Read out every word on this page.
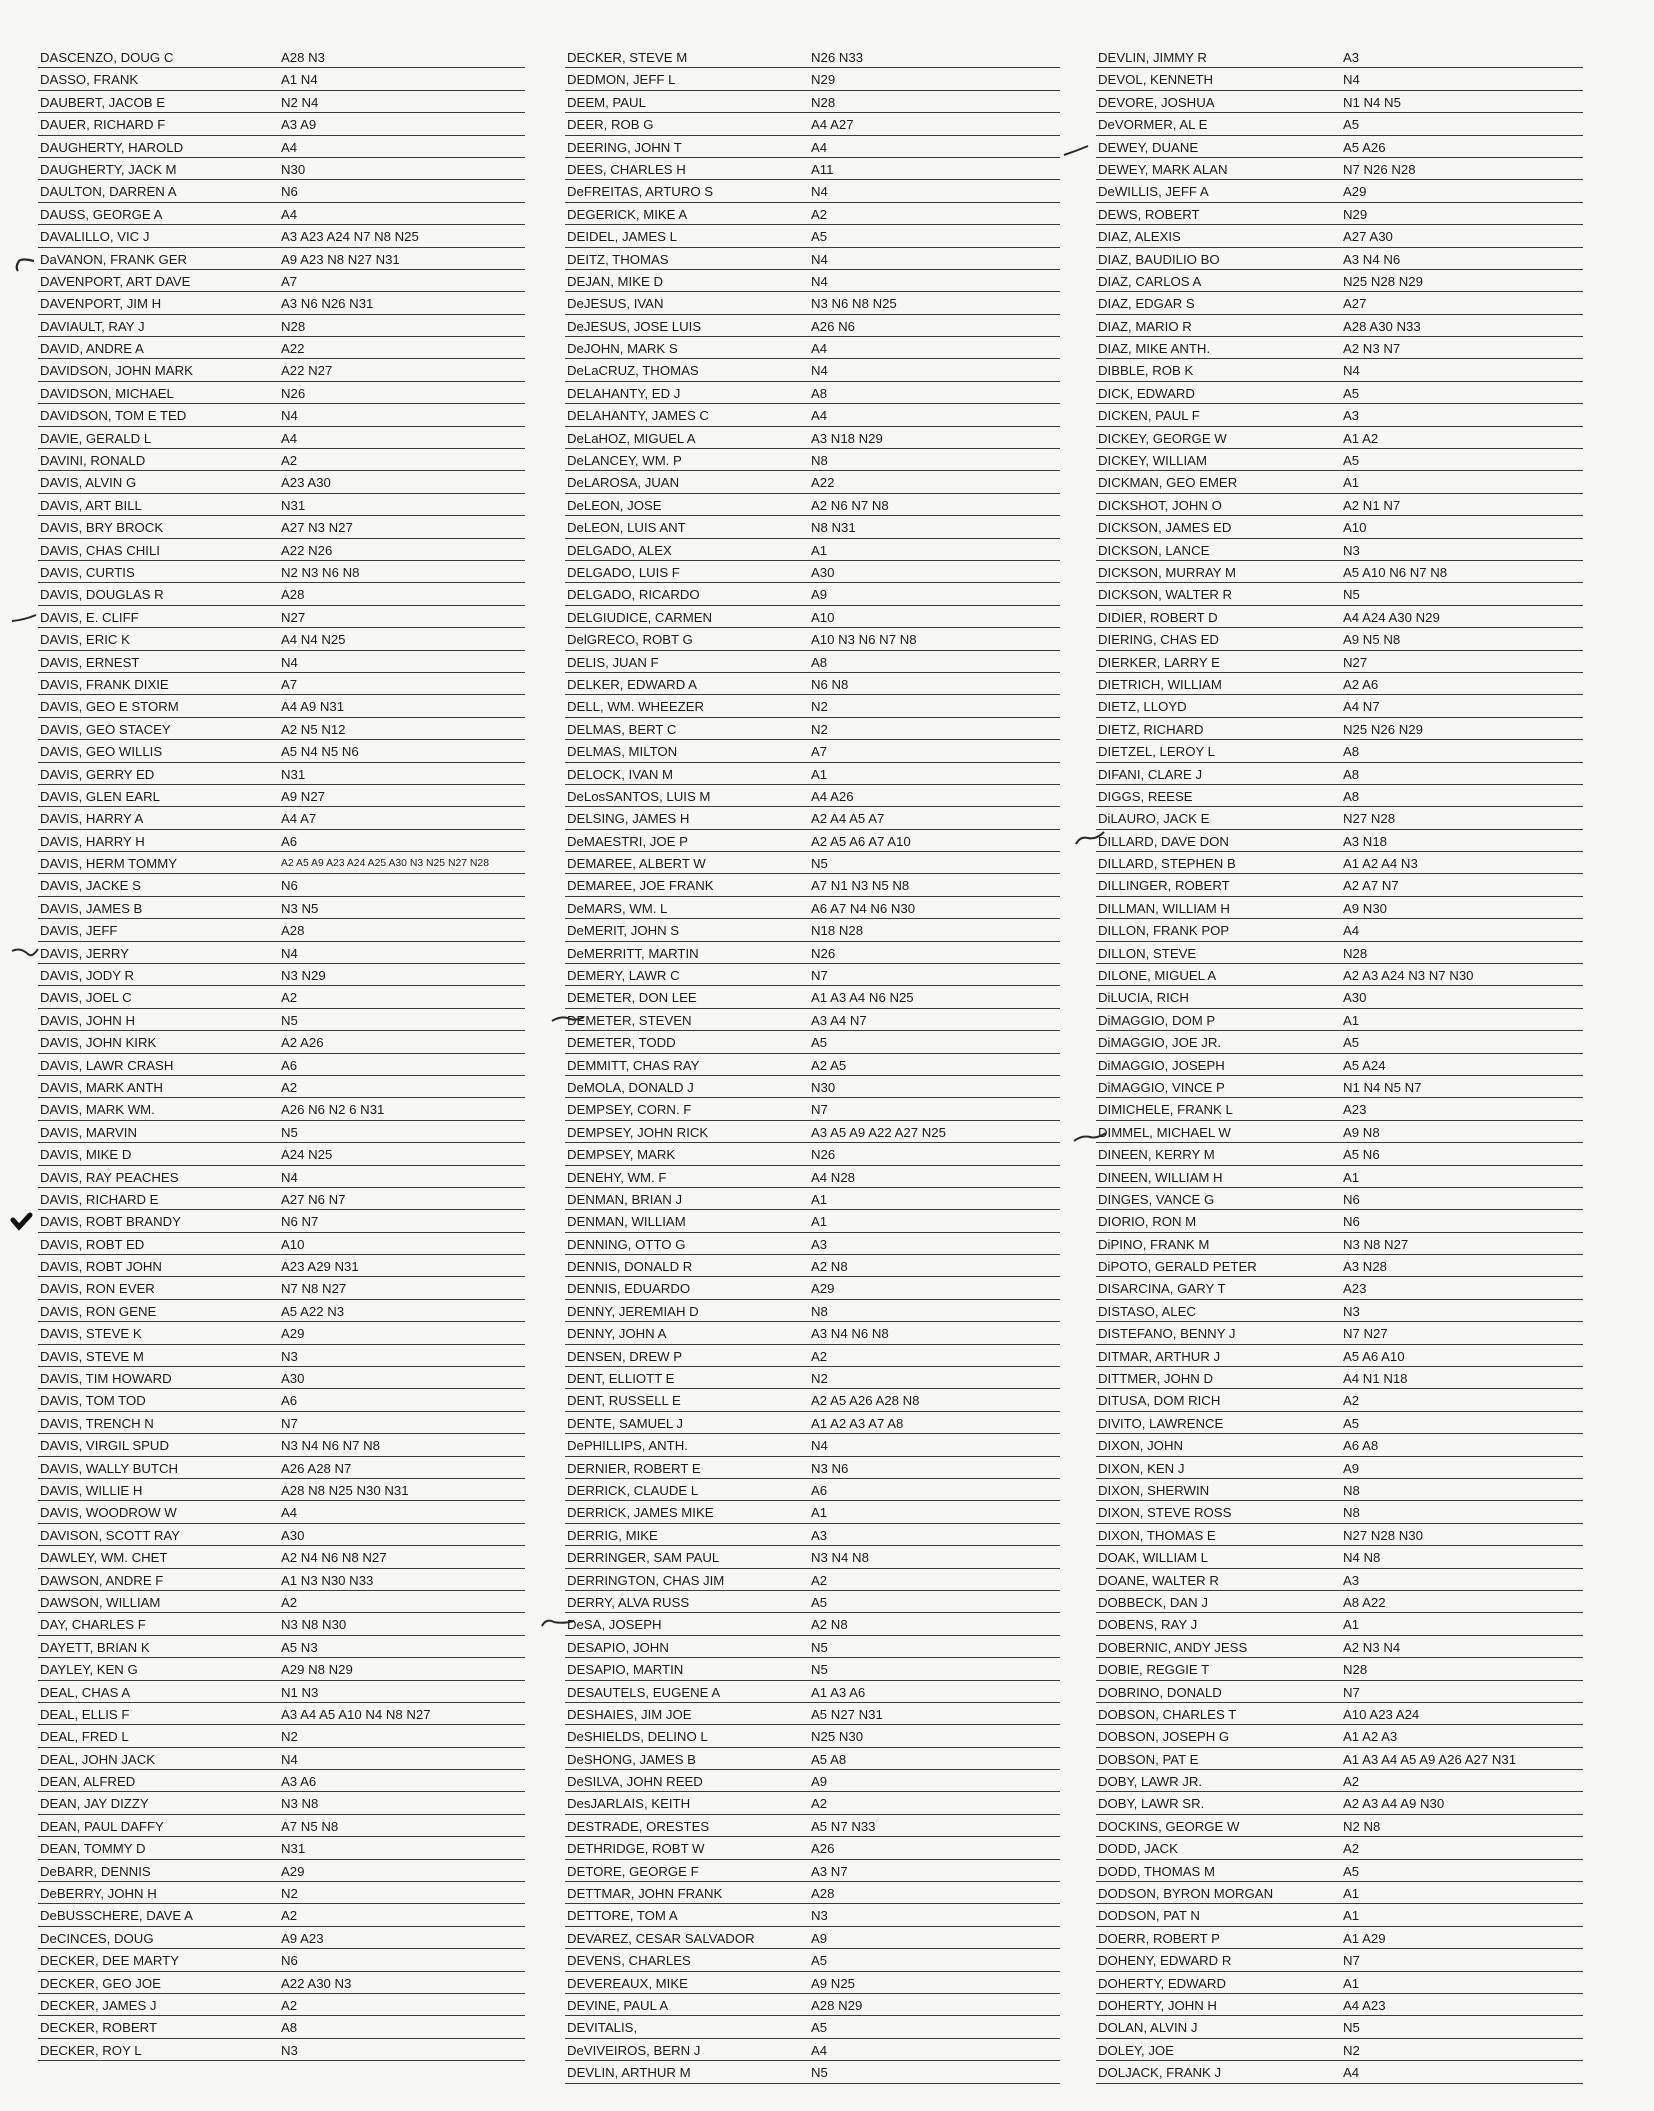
DASCENZO, DOUG C	A28 N3
DASSO, FRANK	A1 N4
DAUBERT, JACOB E	N2 N4
DAUER, RICHARD F	A3 A9
DAUGHERTY, HAROLD	A4
DAUGHERTY, JACK M	N30
DAULTON, DARREN A	N6
DAUSS, GEORGE A	A4
DAVALILLO, VIC J	A3 A23 A24 N7 N8 N25
DaVANON, FRANK GER	A9 A23 N8 N27 N31
DAVENPORT, ART DAVE	A7
DAVENPORT, JIM H	A3 N6 N26 N31
DAVIAULT, RAY J	N28
DAVID, ANDRE A	A22
DAVIDSON, JOHN MARK	A22 N27
DAVIDSON, MICHAEL	N26
DAVIDSON, TOM E TED	N4
DAVIE, GERALD L	A4
DAVINI, RONALD	A2
DAVIS, ALVIN G	A23 A30
DAVIS, ART BILL	N31
DAVIS, BRY BROCK	A27 N3 N27
DAVIS, CHAS CHILI	A22 N26
DAVIS, CURTIS	N2 N3 N6 N8
DAVIS, DOUGLAS R	A28
DAVIS, E. CLIFF	N27
DAVIS, ERIC K	A4 N4 N25
DAVIS, ERNEST	N4
DAVIS, FRANK DIXIE	A7
DAVIS, GEO E STORM	A4 A9 N31
DAVIS, GEO STACEY	A2 N5 N12
DAVIS, GEO WILLIS	A5 N4 N5 N6
DAVIS, GERRY ED	N31
DAVIS, GLEN EARL	A9 N27
DAVIS, HARRY A	A4 A7
DAVIS, HARRY H	A6
DAVIS, HERM TOMMY	A2 A5 A9 A23 A24 A25 A30 N3 N25 N27 N28
DAVIS, JACKE S	N6
DAVIS, JAMES B	N3 N5
DAVIS, JEFF	A28
DAVIS, JERRY	N4
DAVIS, JODY R	N3 N29
DAVIS, JOEL C	A2
DAVIS, JOHN H	N5
DAVIS, JOHN KIRK	A2 A26
DAVIS, LAWR CRASH	A6
DAVIS, MARK ANTH	A2
DAVIS, MARK WM.	A26 N6 N2 6 N31
DAVIS, MARVIN	N5
DAVIS, MIKE D	A24 N25
DAVIS, RAY PEACHES	N4
DAVIS, RICHARD E	A27 N6 N7
DAVIS, ROBT BRANDY	N6 N7
DAVIS, ROBT ED	A10
DAVIS, ROBT JOHN	A23 A29 N31
DAVIS, RON EVER	N7 N8 N27
DAVIS, RON GENE	A5 A22 N3
DAVIS, STEVE K	A29
DAVIS, STEVE M	N3
DAVIS, TIM HOWARD	A30
DAVIS, TOM TOD	A6
DAVIS, TRENCH N	N7
DAVIS, VIRGIL SPUD	N3 N4 N6 N7 N8
DAVIS, WALLY BUTCH	A26 A28 N7
DAVIS, WILLIE H	A28 N8 N25 N30 N31
DAVIS, WOODROW W	A4
DAVISON, SCOTT RAY	A30
DAWLEY, WM. CHET	A2 N4 N6 N8 N27
DAWSON, ANDRE F	A1 N3 N30 N33
DAWSON, WILLIAM	A2
DAY, CHARLES F	N3 N8 N30
DAYETT, BRIAN K	A5 N3
DAYLEY, KEN G	A29 N8 N29
DEAL, CHAS A	N1 N3
DEAL, ELLIS F	A3 A4 A5 A10 N4 N8 N27
DEAL, FRED L	N2
DEAL, JOHN JACK	N4
DEAN, ALFRED	A3 A6
DEAN, JAY DIZZY	N3 N8
DEAN, PAUL DAFFY	A7 N5 N8
DEAN, TOMMY D	N31
DeBARR, DENNIS	A29
DeBERRY, JOHN H	N2
DeBUSSCHERE, DAVE A	A2
DeCINCES, DOUG	A9 A23
DECKER, DEE MARTY	N6
DECKER, GEO JOE	A22 A30 N3
DECKER, JAMES J	A2
DECKER, ROBERT	A8
DECKER, ROY L	N3
DECKER, STEVE M	N26 N33
DEDMON, JEFF L	N29
DEEM, PAUL	N28
DEER, ROB G	A4 A27
DEERING, JOHN T	A4
DEES, CHARLES H	A11
DeFREITAS, ARTURO S	N4
DEGERICK, MIKE A	A2
DEIDEL, JAMES L	A5
DEITZ, THOMAS	N4
DEJAN, MIKE D	N4
DeJESUS, IVAN	N3 N6 N8 N25
DeJESUS, JOSE LUIS	A26 N6
DeJOHN, MARK S	A4
DeLaCRUZ, THOMAS	N4
DELAHANTY, ED J	A8
DELAHANTY, JAMES C	A4
DeLaHOZ, MIGUEL A	A3 N18 N29
DeLANCEY, WM. P	N8
DeLAROSA, JUAN	A22
DeLEON, JOSE	A2 N6 N7 N8
DeLEON, LUIS ANT	N8 N31
DELGADO, ALEX	A1
DELGADO, LUIS F	A30
DELGADO, RICARDO	A9
DELGIUDICE, CARMEN	A10
DelGRECO, ROBT G	A10 N3 N6 N7 N8
DELIS, JUAN F	A8
DELKER, EDWARD A	N6 N8
DELL, WM. WHEEZER	N2
DELMAS, BERT C	N2
DELMAS, MILTON	A7
DELOCK, IVAN M	A1
DeLosSANTOS, LUIS M	A4 A26
DELSING, JAMES H	A2 A4 A5 A7
DeMAESTRI, JOE P	A2 A5 A6 A7 A10
DEMAREE, ALBERT W	N5
DEMAREE, JOE FRANK	A7 N1 N3 N5 N8
DeMARS, WM. L	A6 A7 N4 N6 N30
DeMERIT, JOHN S	N18 N28
DeMERRITT, MARTIN	N26
DEMERY, LAWR C	N7
DEMETER, DON LEE	A1 A3 A4 N6 N25
DEMETER, STEVEN	A3 A4 N7
DEMETER, TODD	A5
DEMMITT, CHAS RAY	A2 A5
DeMOLA, DONALD J	N30
DEMPSEY, CORN. F	N7
DEMPSEY, JOHN RICK	A3 A5 A9 A22 A27 N25
DEMPSEY, MARK	N26
DENEHY, WM. F	A4 N28
DENMAN, BRIAN J	A1
DENMAN, WILLIAM	A1
DENNING, OTTO G	A3
DENNIS, DONALD R	A2 N8
DENNIS, EDUARDO	A29
DENNY, JEREMIAH D	N8
DENNY, JOHN A	A3 N4 N6 N8
DENSEN, DREW P	A2
DENT, ELLIOTT E	N2
DENT, RUSSELL E	A2 A5 A26 A28 N8
DENTE, SAMUEL J	A1 A2 A3 A7 A8
DePHILLIPS, ANTH.	N4
DERNIER, ROBERT E	N3 N6
DERRICK, CLAUDE L	A6
DERRICK, JAMES MIKE	A1
DERRIG, MIKE	A3
DERRINGER, SAM PAUL	N3 N4 N8
DERRINGTON, CHAS JIM	A2
DERRY, ALVA RUSS	A5
DeSA, JOSEPH	A2 N8
DESAPIO, JOHN	N5
DESAPIO, MARTIN	N5
DESAUTELS, EUGENE A	A1 A3 A6
DESHAIES, JIM JOE	A5 N27 N31
DeSHIELDS, DELINO L	N25 N30
DeSHONG, JAMES B	A5 A8
DeSILVA, JOHN REED	A9
DesJARLAIS, KEITH	A2
DESTRADE, ORESTES	A5 N7 N33
DETHRIDGE, ROBT W	A26
DETORE, GEORGE F	A3 N7
DETTMAR, JOHN FRANK	A28
DETTORE, TOM A	N3
DEVAREZ, CESAR SALVADOR	A9
DEVENS, CHARLES	A5
DEVEREAUX, MIKE	A9 N25
DEVINE, PAUL A	A28 N29
DEVITALIS,	A5
DeVIVEIROS, BERN J	A4
DEVLIN, ARTHUR M	N5
DEVLIN, JIMMY R	A3
DEVOL, KENNETH	N4
DEVORE, JOSHUA	N1 N4 N5
DeVORMER, AL E	A5
DEWEY, DUANE	A5 A26
DEWEY, MARK ALAN	N7 N26 N28
DeWILLIS, JEFF A	A29
DEWS, ROBERT	N29
DIAZ, ALEXIS	A27 A30
DIAZ, BAUDILIO BO	A3 N4 N6
DIAZ, CARLOS A	N25 N28 N29
DIAZ, EDGAR S	A27
DIAZ, MARIO R	A28 A30 N33
DIAZ, MIKE ANTH.	A2 N3 N7
DIBBLE, ROB K	N4
DICK, EDWARD	A5
DICKEN, PAUL F	A3
DICKEY, GEORGE W	A1 A2
DICKEY, WILLIAM	A5
DICKMAN, GEO EMER	A1
DICKSHOT, JOHN O	A2 N1 N7
DICKSON, JAMES ED	A10
DICKSON, LANCE	N3
DICKSON, MURRAY M	A5 A10 N6 N7 N8
DICKSON, WALTER R	N5
DIDIER, ROBERT D	A4 A24 A30 N29
DIERING, CHAS ED	A9 N5 N8
DIERKER, LARRY E	N27
DIETRICH, WILLIAM	A2 A6
DIETZ, LLOYD	A4 N7
DIETZ, RICHARD	N25 N26 N29
DIETZEL, LEROY L	A8
DIFANI, CLARE J	A8
DIGGS, REESE	A8
DiLAURO, JACK E	N27 N28
DILLARD, DAVE DON	A3 N18
DILLARD, STEPHEN B	A1 A2 A4 N3
DILLINGER, ROBERT	A2 A7 N7
DILLMAN, WILLIAM H	A9 N30
DILLON, FRANK POP	A4
DILLON, STEVE	N28
DILONE, MIGUEL A	A2 A3 A24 N3 N7 N30
DiLUCIA, RICH	A30
DiMAGGIO, DOM P	A1
DiMAGGIO, JOE JR.	A5
DiMAGGIO, JOSEPH	A5 A24
DiMAGGIO, VINCE P	N1 N4 N5 N7
DIMICHELE, FRANK L	A23
DIMMEL, MICHAEL W	A9 N8
DINEEN, KERRY M	A5 N6
DINEEN, WILLIAM H	A1
DINGES, VANCE G	N6
DIORIO, RON M	N6
DiPINO, FRANK M	N3 N8 N27
DiPOTO, GERALD PETER	A3 N28
DISARCINA, GARY T	A23
DISTASO, ALEC	N3
DISTEFANO, BENNY J	N7 N27
DITMAR, ARTHUR J	A5 A6 A10
DITTMER, JOHN D	A4 N1 N18
DITUSA, DOM RICH	A2
DIVITO, LAWRENCE	A5
DIXON, JOHN	A6 A8
DIXON, KEN J	A9
DIXON, SHERWIN	N8
DIXON, STEVE ROSS	N8
DIXON, THOMAS E	N27 N28 N30
DOAK, WILLIAM L	N4 N8
DOANE, WALTER R	A3
DOBBECK, DAN J	A8 A22
DOBENS, RAY J	A1
DOBERNIC, ANDY JESS	A2 N3 N4
DOBIE, REGGIE T	N28
DOBRINO, DONALD	N7
DOBSON, CHARLES T	A10 A23 A24
DOBSON, JOSEPH G	A1 A2 A3
DOBSON, PAT E	A1 A3 A4 A5 A9 A26 A27 N31
DOBY, LAWR JR.	A2
DOBY, LAWR SR.	A2 A3 A4 A9 N30
DOCKINS, GEORGE W	N2 N8
DODD, JACK	A2
DODD, THOMAS M	A5
DODSON, BYRON MORGAN	A1
DODSON, PAT N	A1
DOERR, ROBERT P	A1 A29
DOHENY, EDWARD R	N7
DOHERTY, EDWARD	A1
DOHERTY, JOHN H	A4 A23
DOLAN, ALVIN J	N5
DOLEY, JOE	N2
DOLJACK, FRANK J	A4
